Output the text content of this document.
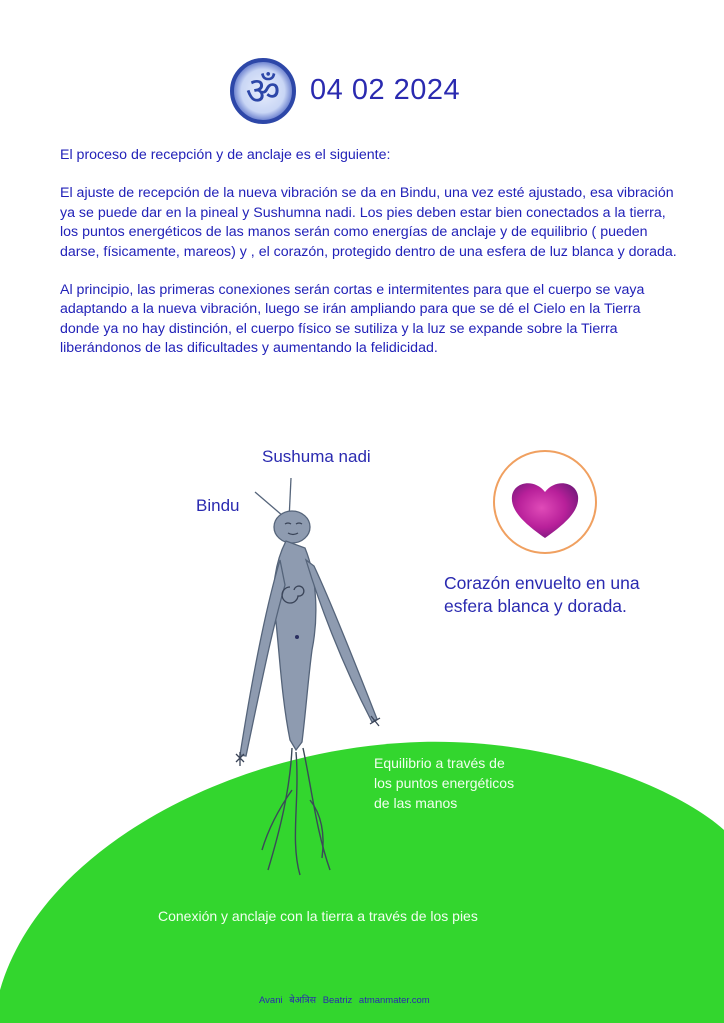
ॐ 04 02 2024

El proceso de recepción y de anclaje es el siguiente:

El ajuste de recepción de la nueva vibración se da en Bindu, una vez esté ajustado, esa vibración ya se puede dar en la pineal y Sushumna nadi. Los pies deben estar bien conectados a la tierra, los puntos energéticos de las manos serán como energías de anclaje y de equilibrio ( pueden darse, físicamente, mareos) y , el corazón, protegido dentro de una esfera de luz blanca y dorada.

Al principio, las primeras conexiones serán cortas e intermitentes para que el cuerpo se vaya adaptando a la nueva vibración, luego se irán ampliando para que se dé el Cielo en la Tierra donde ya no hay distinción, el cuerpo físico se sutiliza y la luz se expande sobre la Tierra liberándonos de las dificultades y aumentando la felidicidad.

Sushuma nadi
Bindu
Corazón envuelto en una
esfera blanca y dorada.
Equilibrio a través de
los puntos energéticos
de las manos
Conexión y anclaje con la tierra a través de los pies
Avani बेअत्रिस Beatriz atmanmater.com
